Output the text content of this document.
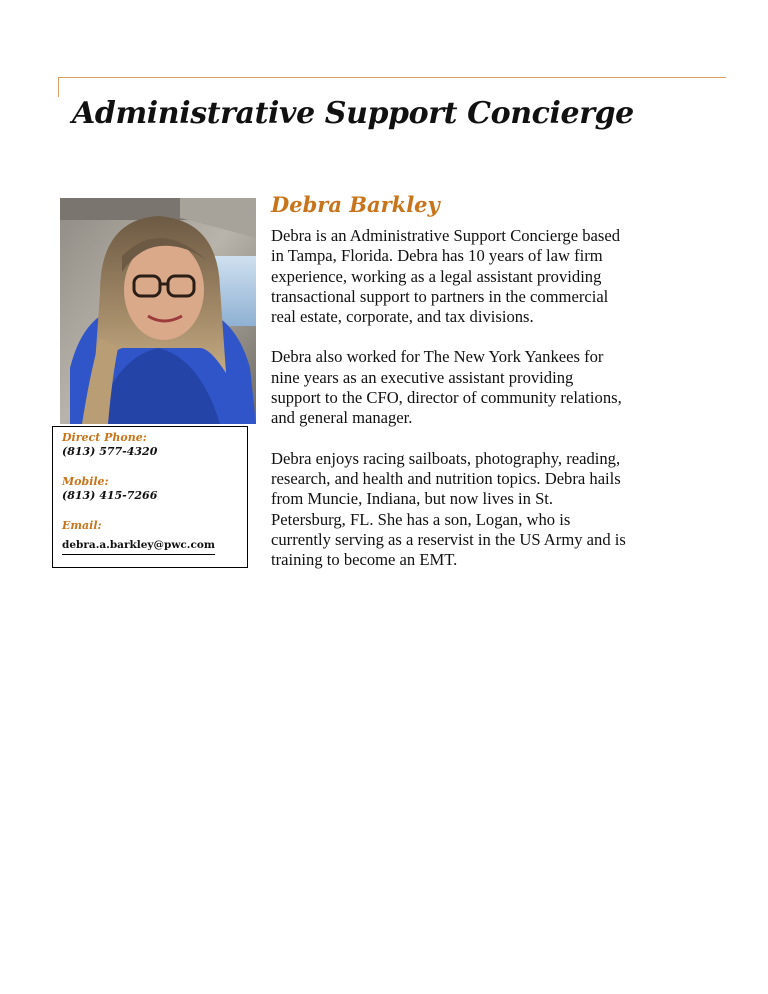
Administrative Support Concierge
Direct Phone:
(813) 577-4320
Mobile:
(813) 415-7266
Email:
debra.a.barkley@pwc.com
Debra Barkley

Debra is an Administrative Support Concierge based
in Tampa, Florida. Debra has 10 years of law firm
experience, working as a legal assistant providing
transactional support to partners in the commercial
real estate, corporate, and tax divisions.

Debra also worked for The New York Yankees for
nine years as an executive assistant providing
support to the CFO, director of community relations,
and general manager.

Debra enjoys racing sailboats, photography, reading,
research, and health and nutrition topics. Debra hails
from Muncie, Indiana, but now lives in St.
Petersburg, FL. She has a son, Logan, who is
currently serving as a reservist in the US Army and is
training to become an EMT.
